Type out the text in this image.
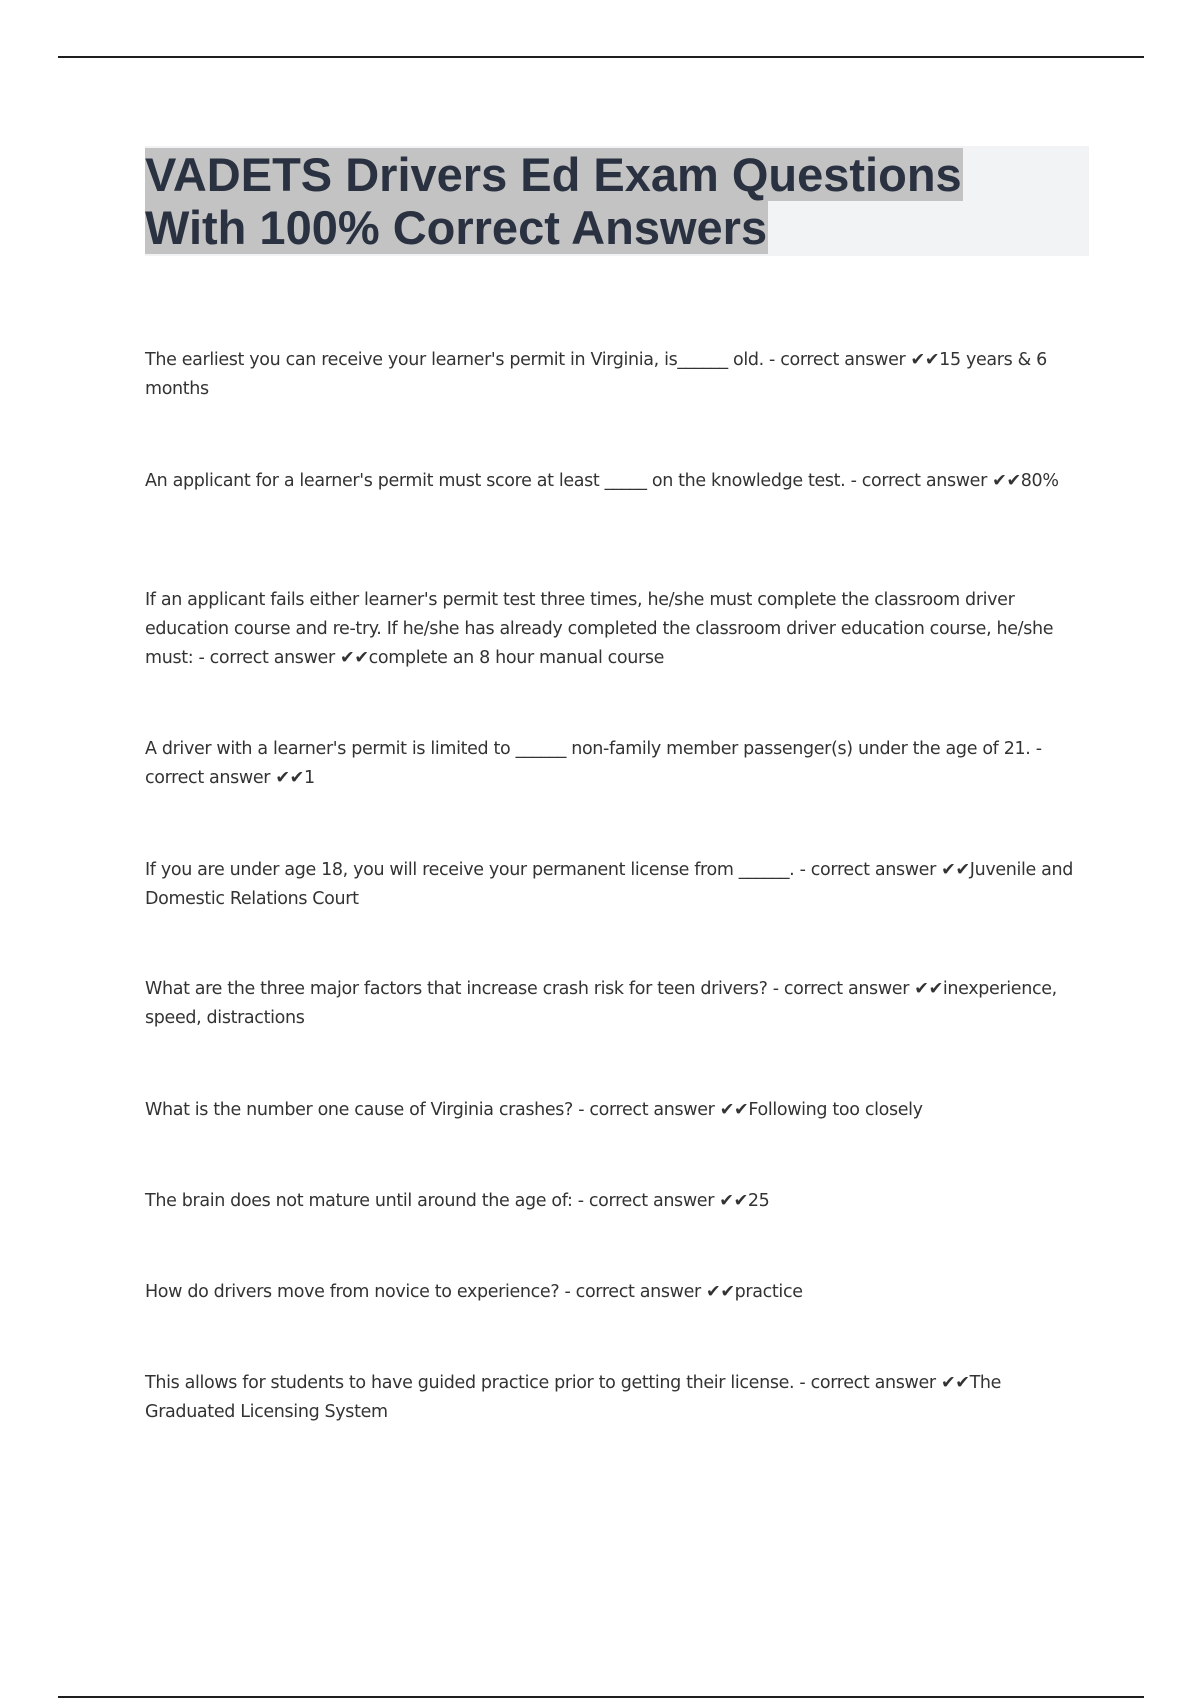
VADETS Drivers Ed Exam Questions
With 100% Correct Answers
The earliest you can receive your learner's permit in Virginia, is______ old. - correct answer ✔✔15 years & 6 months
An applicant for a learner's permit must score at least _____ on the knowledge test. - correct answer ✔✔80%
If an applicant fails either learner's permit test three times, he/she must complete the classroom driver education course and re-try. If he/she has already completed the classroom driver education course, he/she must: - correct answer ✔✔complete an 8 hour manual course
A driver with a learner's permit is limited to ______ non-family member passenger(s) under the age of 21. - correct answer ✔✔1
If you are under age 18, you will receive your permanent license from ______. - correct answer ✔✔Juvenile and Domestic Relations Court
What are the three major factors that increase crash risk for teen drivers? - correct answer ✔✔inexperience, speed, distractions
What is the number one cause of Virginia crashes? - correct answer ✔✔Following too closely
The brain does not mature until around the age of: - correct answer ✔✔25
How do drivers move from novice to experience? - correct answer ✔✔practice
This allows for students to have guided practice prior to getting their license. - correct answer ✔✔The Graduated Licensing System
